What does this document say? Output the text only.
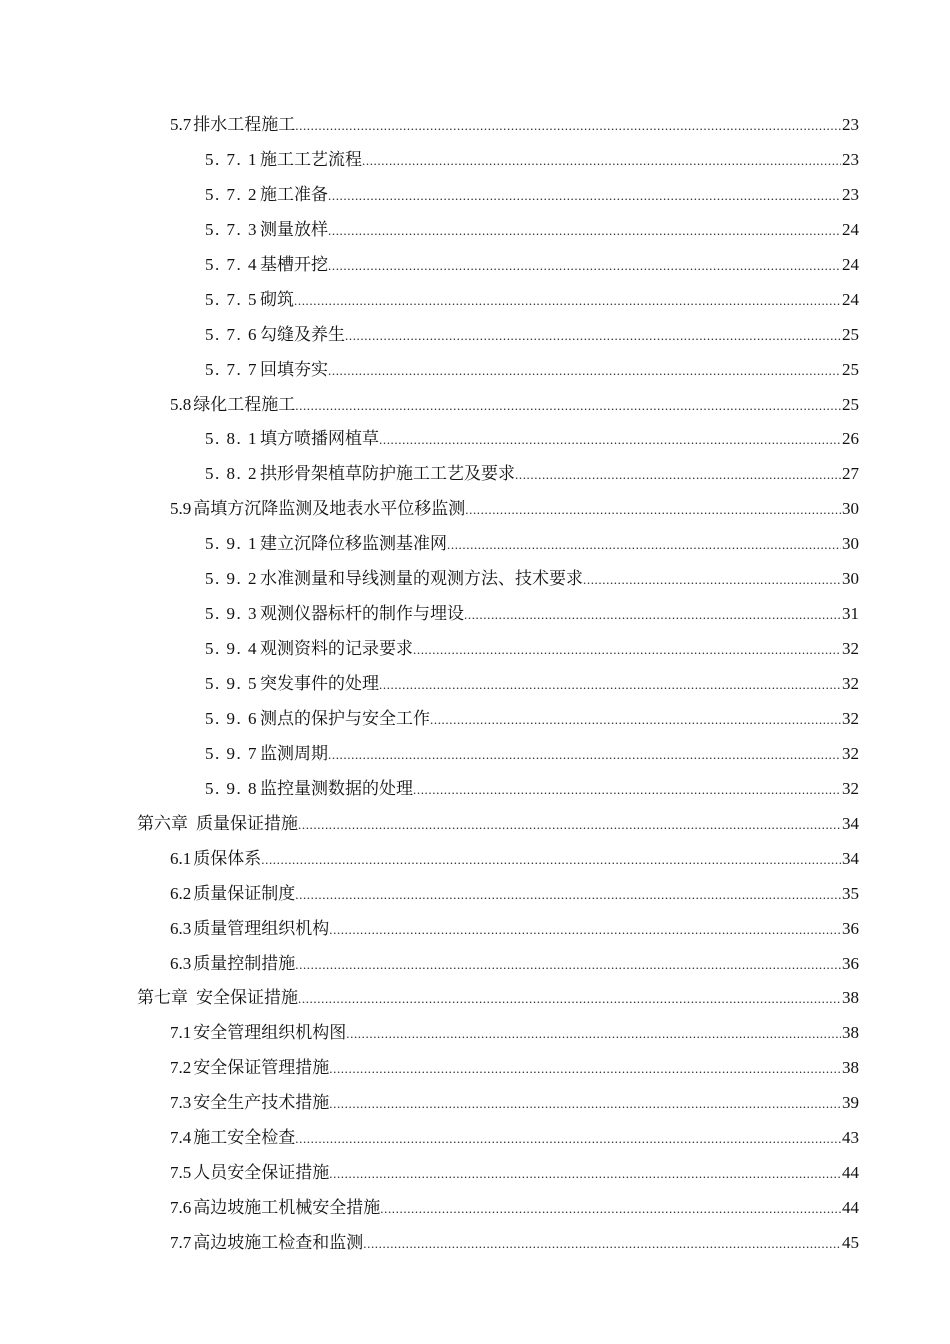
5.7 排水工程施工 .....	23
5. 7. 1 施工工艺流程 .....	23
5. 7. 2 施工准备 .....	23
5. 7. 3 测量放样 .....	24
5. 7. 4 基槽开挖 .....	24
5. 7. 5 砌筑 .....	24
5. 7. 6 勾缝及养生 .....	25
5. 7. 7 回填夯实 .....	25
5.8 绿化工程施工 .....	25
5. 8. 1 填方喷播网植草 .....	26
5. 8. 2 拱形骨架植草防护施工工艺及要求 .....	27
5.9 高填方沉降监测及地表水平位移监测 .....	30
5. 9. 1 建立沉降位移监测基准网 .....	30
5. 9. 2 水准测量和导线测量的观测方法、技术要求 .....	30
5. 9. 3 观测仪器标杆的制作与埋设 .....	31
5. 9. 4 观测资料的记录要求 .....	32
5. 9. 5 突发事件的处理 .....	32
5. 9. 6 测点的保护与安全工作 .....	32
5. 9. 7 监测周期 .....	32
5. 9. 8 监控量测数据的处理 .....	32
第六章 质量保证措施 .....	34
6.1 质保体系 .....	34
6.2 质量保证制度 .....	35
6.3 质量管理组织机构 .....	36
6.3 质量控制措施 .....	36
第七章 安全保证措施 .....	38
7.1 安全管理组织机构图 .....	38
7.2 安全保证管理措施 .....	38
7.3 安全生产技术措施 .....	39
7.4 施工安全检查 .....	43
7.5 人员安全保证措施 .....	44
7.6 高边坡施工机械安全措施 .....	44
7.7 高边坡施工检查和监测 .....	45
